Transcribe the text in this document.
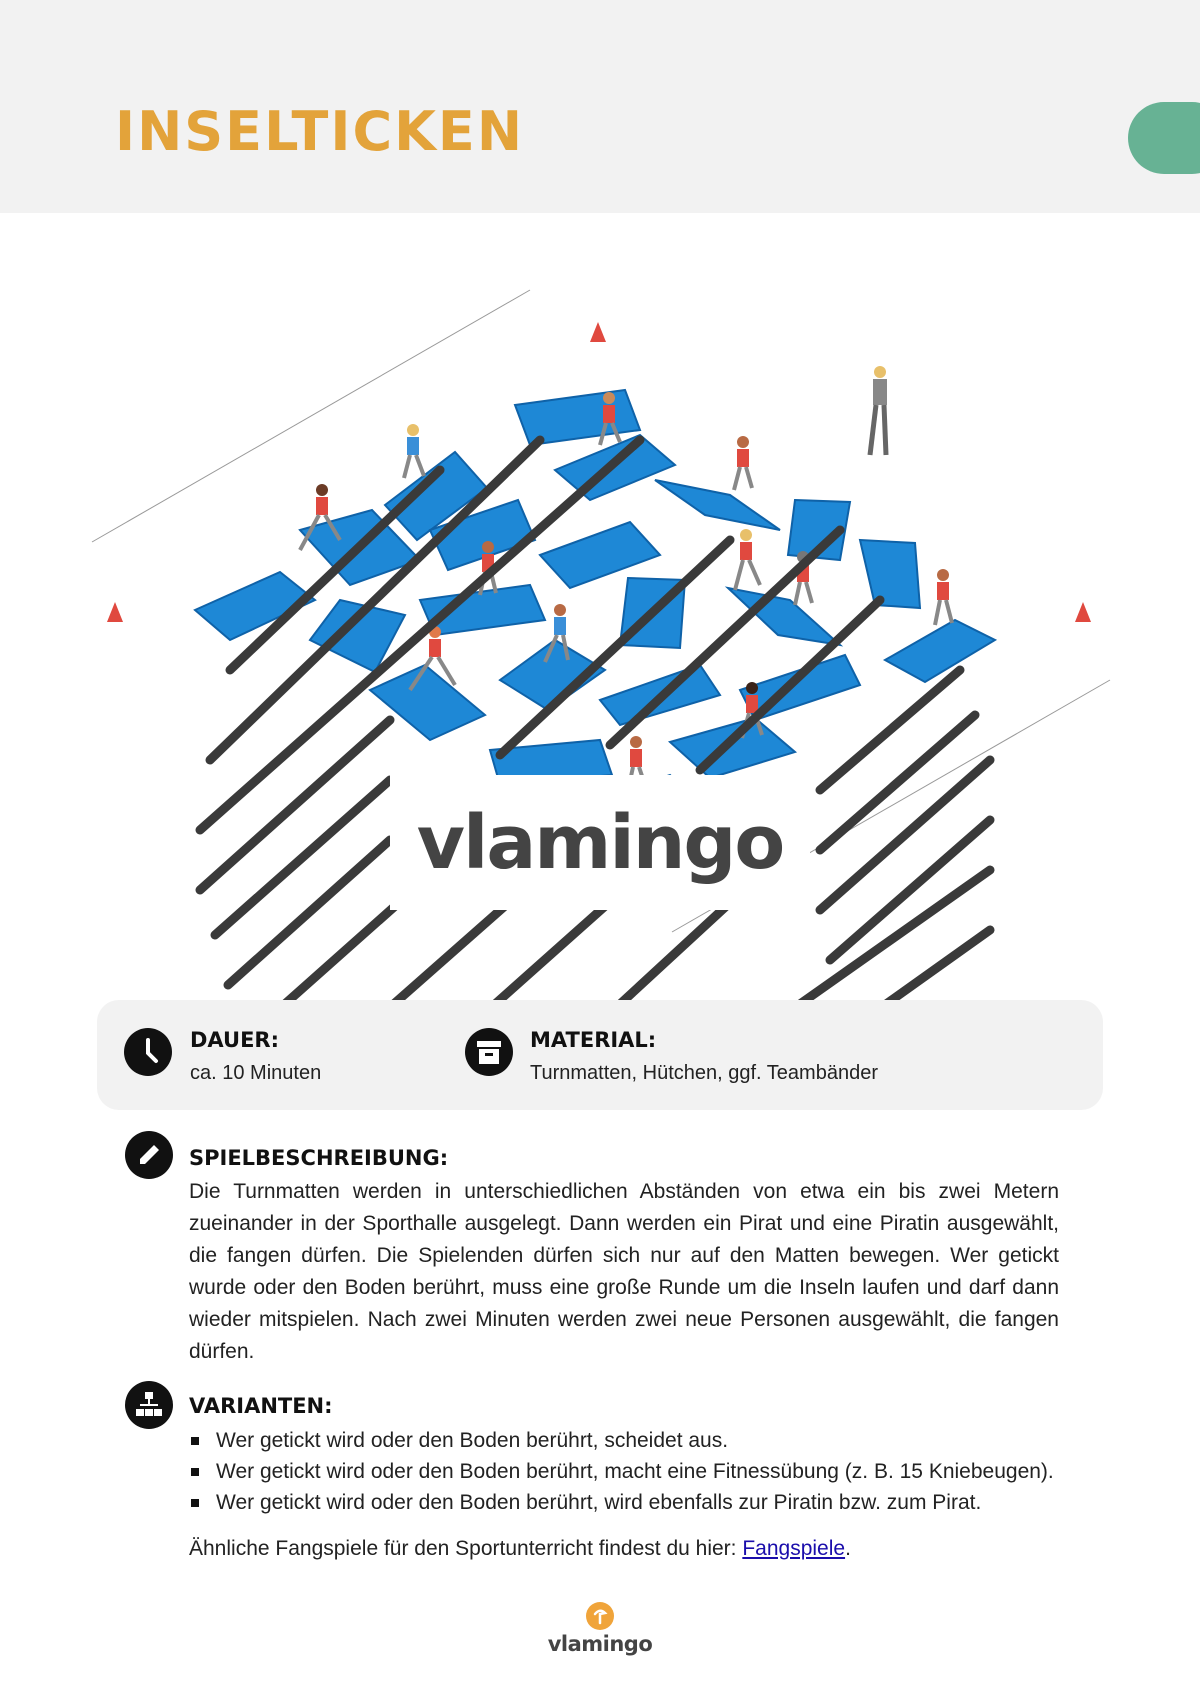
INSELTICKEN
vlamingo
DAUER:
ca. 10 Minuten
MATERIAL:
Turnmatten, Hütchen, ggf. Teambänder
SPIELBESCHREIBUNG:

Die Turnmatten werden in unterschiedlichen Abständen von etwa ein bis zwei Metern zueinander in der Sporthalle ausgelegt. Dann werden ein Pirat und eine Piratin ausgewählt, die fangen dürfen. Die Spielenden dürfen sich nur auf den Matten bewegen. Wer getickt wurde oder den Boden berührt, muss eine große Runde um die Inseln laufen und darf dann wieder mitspielen. Nach zwei Minuten werden zwei neue Personen ausgewählt, die fangen dürfen.

VARIANTEN:
Wer getickt wird oder den Boden berührt, scheidet aus.
Wer getickt wird oder den Boden berührt, macht eine Fitnessübung (z. B. 15 Kniebeugen).
Wer getickt wird oder den Boden berührt, wird ebenfalls zur Piratin bzw. zum Pirat.

Ähnliche Fangspiele für den Sportunterricht findest du hier: Fangspiele.

vlamingo
